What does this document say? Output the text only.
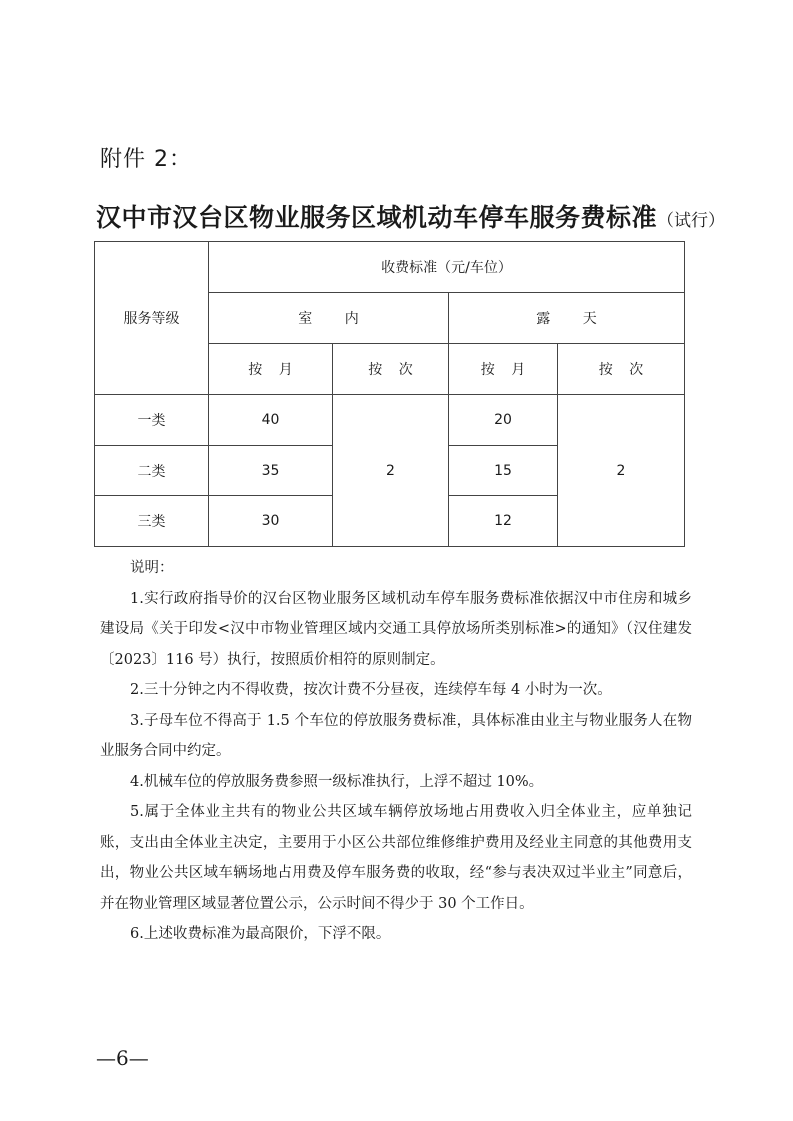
附件 2：
汉中市汉台区物业服务区域机动车停车服务费标准（试行）
服务等级	收费标准（元/车位）			
	室 内		露 天	
	按 月	按 次	按 月	按 次
一类	40	2	20	2
二类	35		15	
三类	30		12	
说明：

1.实行政府指导价的汉台区物业服务区域机动车停车服务费标准依据汉中市住房和城乡建设局《关于印发<汉中市物业管理区域内交通工具停放场所类别标准>的通知》（汉住建发〔2023〕116 号）执行，按照质价相符的原则制定。

2.三十分钟之内不得收费，按次计费不分昼夜，连续停车每 4 小时为一次。

3.子母车位不得高于 1.5 个车位的停放服务费标准，具体标准由业主与物业服务人在物业服务合同中约定。

4.机械车位的停放服务费参照一级标准执行，上浮不超过 10%。

5.属于全体业主共有的物业公共区域车辆停放场地占用费收入归全体业主，应单独记账，支出由全体业主决定，主要用于小区公共部位维修维护费用及经业主同意的其他费用支出，物业公共区域车辆场地占用费及停车服务费的收取，经“参与表决双过半业主”同意后，并在物业管理区域显著位置公示，公示时间不得少于 30 个工作日。

6.上述收费标准为最高限价，下浮不限。

—6—
